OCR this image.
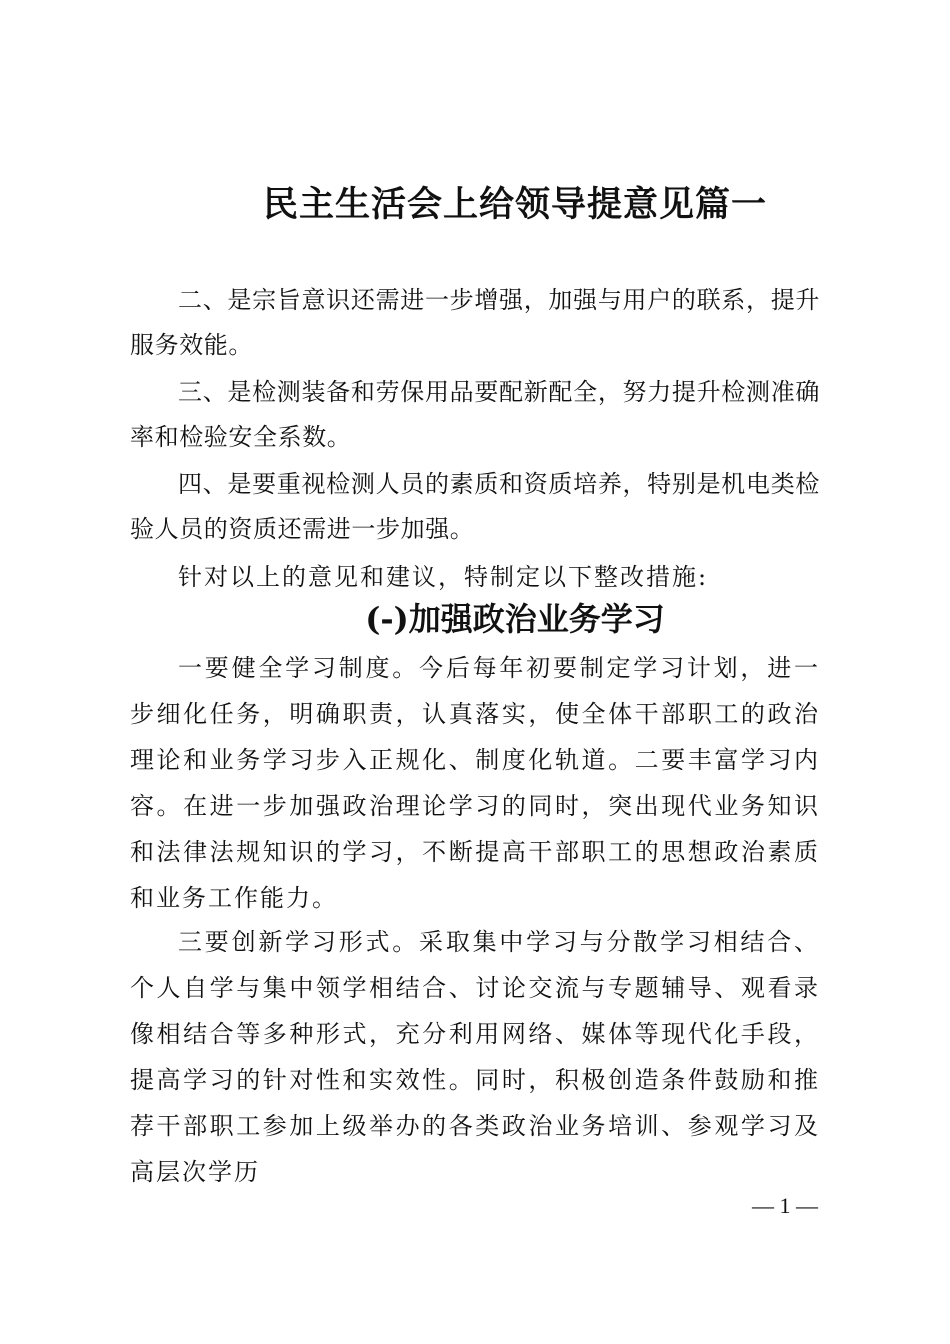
民主生活会上给领导提意见篇一

二、是宗旨意识还需进一步增强，加强与用户的联系，提升服务效能。

三、是检测装备和劳保用品要配新配全，努力提升检测准确率和检验安全系数。

四、是要重视检测人员的素质和资质培养，特别是机电类检验人员的资质还需进一步加强。

针对以上的意见和建议，特制定以下整改措施:

(-)加强政治业务学习

一要健全学习制度。今后每年初要制定学习计划，进一步细化任务，明确职责，认真落实，使全体干部职工的政治理论和业务学习步入正规化、制度化轨道。二要丰富学习内容。在进一步加强政治理论学习的同时，突出现代业务知识和法律法规知识的学习，不断提高干部职工的思想政治素质和业务工作能力。

三要创新学习形式。采取集中学习与分散学习相结合、个人自学与集中领学相结合、讨论交流与专题辅导、观看录像相结合等多种形式，充分利用网络、媒体等现代化手段，提高学习的针对性和实效性。同时，积极创造条件鼓励和推荐干部职工参加上级举办的各类政治业务培训、参观学习及高层次学历

— 1 —
